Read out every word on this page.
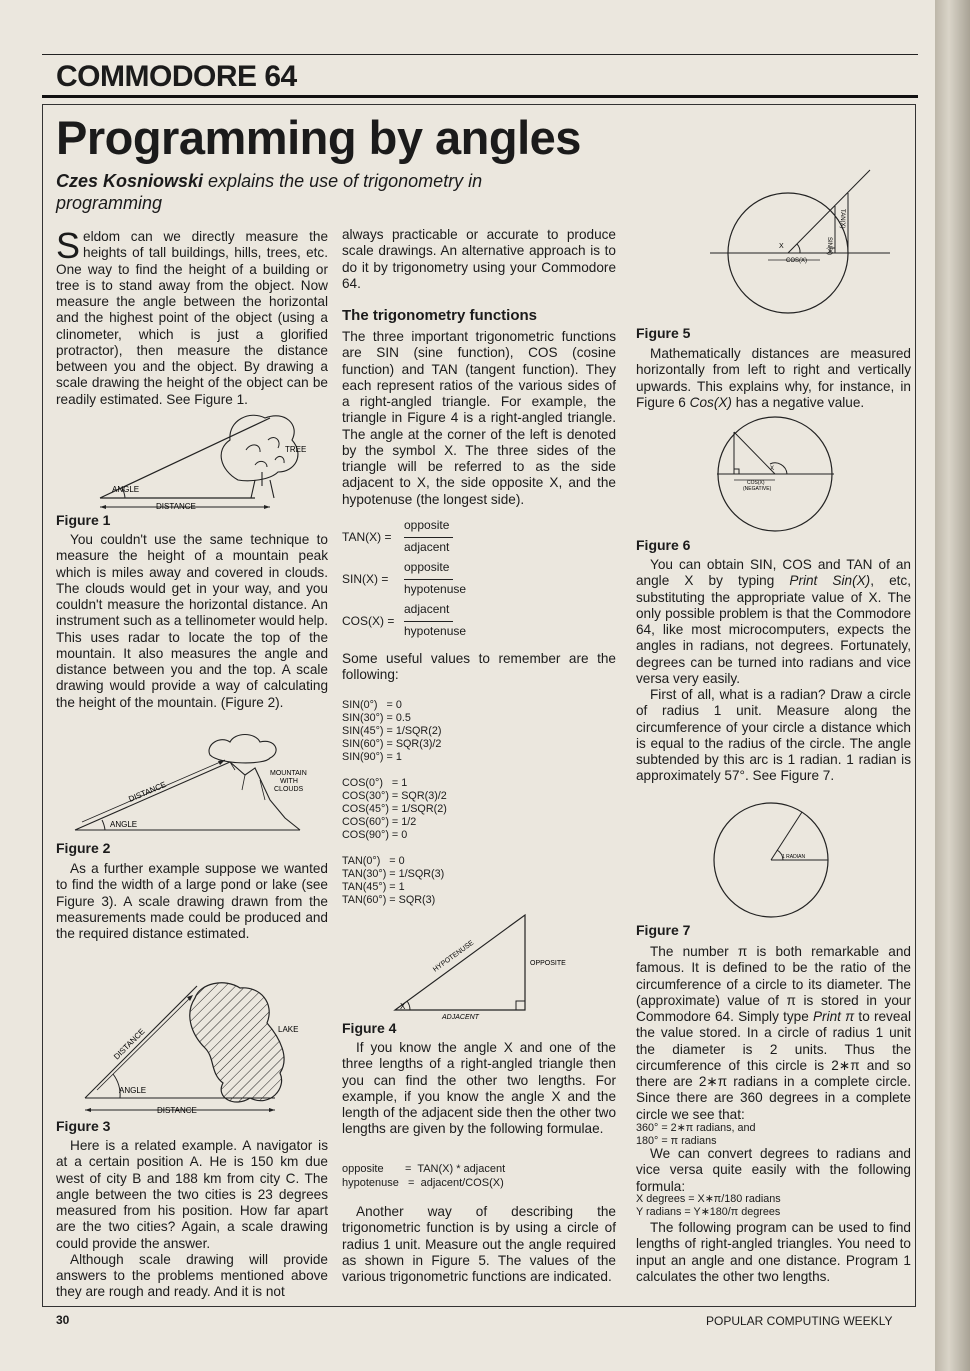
COMMODORE 64
Programming by angles
Czes Kosniowski explains the use of trigonometry in programming

Seldom can we directly measure the heights of tall buildings, hills, trees, etc. One way to find the height of a building or tree is to stand away from the object. Now measure the angle between the horizontal and the highest point of the object (using a clinometer, which is just a glorified protractor), then measure the distance between you and the object. By drawing a scale drawing the height of the object can be readily estimated. See Figure 1.

ANGLE
DISTANCE
TREE
Figure 1

You couldn't use the same technique to measure the height of a mountain peak which is miles away and covered in clouds. The clouds would get in your way, and you couldn't measure the horizontal distance. An instrument such as a tellinometer would help. This uses radar to locate the top of the mountain. It also measures the angle and distance between you and the top. A scale drawing would provide a way of calculating the height of the mountain. (Figure 2).

DISTANCE
ANGLE
MOUNTAIN
WITH
CLOUDS
Figure 2

As a further example suppose we wanted to find the width of a large pond or lake (see Figure 3). A scale drawing drawn from the measurements made could be produced and the required distance estimated.

DISTANCE
ANGLE
LAKE
DISTANCE
Figure 3

Here is a related example. A navigator is at a certain position A. He is 150 km due west of city B and 188 km from city C. The angle between the two cities is 23 degrees measured from his position. How far apart are the two cities? Again, a scale drawing could provide the answer.

Although scale drawing will provide answers to the problems mentioned above they are rough and ready. And it is not

always practicable or accurate to produce scale drawings. An alternative approach is to do it by trigonometry using your Commodore 64.

The trigonometry functions

The three important trigonometric functions are SIN (sine function), COS (cosine function) and TAN (tangent function). They each represent ratios of the various sides of a right-angled triangle. For example, the triangle in Figure 4 is a right-angled triangle. The angle at the corner of the left is denoted by the symbol X. The three sides of the triangle will be referred to as the side adjacent to X, the side opposite X, and the hypotenuse (the longest side).

TAN(X) =
opposite
adjacent
SIN(X) =
opposite
hypotenuse
COS(X) =
adjacent
hypotenuse

Some useful values to remember are the following:

SIN(0°)   = 0
SIN(30°) = 0.5
SIN(45°) = 1/SQR(2)
SIN(60°) = SQR(3)/2
SIN(90°) = 1
COS(0°)   = 1
COS(30°) = SQR(3)/2
COS(45°) = 1/SQR(2)
COS(60°) = 1/2
COS(90°) = 0
TAN(0°)   = 0
TAN(30°) = 1/SQR(3)
TAN(45°) = 1
TAN(60°) = SQR(3)
X
HYPOTENUSE	OPPOSITE
ADJACENT
Figure 4

If you know the angle X and one of the three lengths of a right-angled triangle then you can find the other two lengths. For example, if you know the angle X and the length of the adjacent side then the other two lengths are given by the following formulae.

opposite       =  TAN(X) * adjacent
hypotenuse   =  adjacent/COS(X)

Another way of describing the trigonometric function is by using a circle of radius 1 unit. Measure out the angle required as shown in Figure 5. The values of the various trigonometric functions are indicated.

X
COS(X)
SIN(X)
TAN(X)
Figure 5

Mathematically distances are measured horizontally from left to right and vertically upwards. This explains why, for instance, in Figure 6 Cos(X) has a negative value.

X
COS(X)
(NEGATIVE)
Figure 6

You can obtain SIN, COS and TAN of an angle X by typing Print Sin(X), etc, substituting the appropriate value of X. The only possible problem is that the Commodore 64, like most microcomputers, expects the angles in radians, not degrees. Fortunately, degrees can be turned into radians and vice versa very easily.

First of all, what is a radian? Draw a circle of radius 1 unit. Measure along the circumference of your circle a distance which is equal to the radius of the circle. The angle subtended by this arc is 1 radian. 1 radian is approximately 57°. See Figure 7.

1 RADIAN
Figure 7

The number π is both remarkable and famous. It is defined to be the ratio of the circumference of a circle to its diameter. The (approximate) value of π is stored in your Commodore 64. Simply type Print π to reveal the value stored. In a circle of radius 1 unit the diameter is 2 units. Thus the circumference of this circle is 2∗π and so there are 2∗π radians in a complete circle. Since there are 360 degrees in a complete circle we see that:

360° = 2∗π radians, and
180° = π radians

We can convert degrees to radians and vice versa quite easily with the following formula:

X degrees = X∗π/180 radians
Y radians = Y∗180/π degrees

The following program can be used to find lengths of right-angled triangles. You need to input an angle and one distance. Program 1 calculates the other two lengths.

30	POPULAR COMPUTING WEEKLY
